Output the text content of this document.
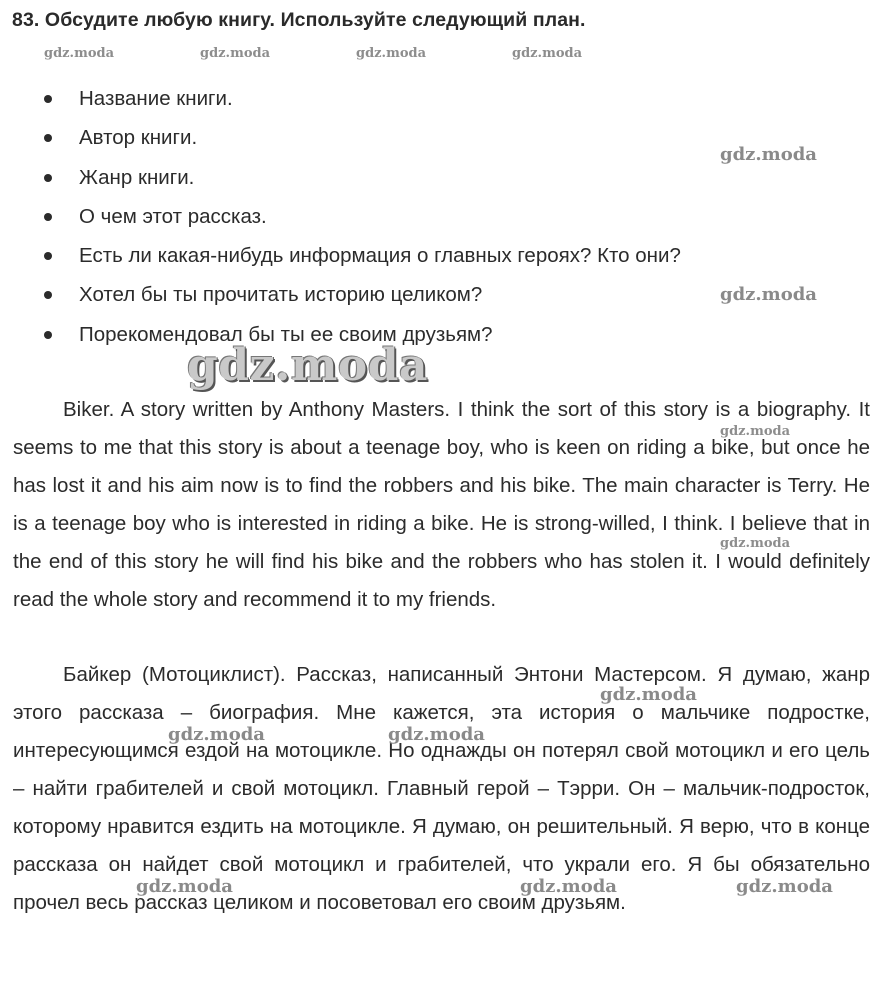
83. Обсудите любую книгу. Используйте следующий план.
Название книги.
Автор книги.
Жанр книги.
О чем этот рассказ.
Есть ли какая-нибудь информация о главных героях? Кто они?
Хотел бы ты прочитать историю целиком?
Порекомендовал бы ты ее своим друзьям?

Biker. A story written by Anthony Masters. I think the sort of this story is a biography. It seems to me that this story is about a teenage boy, who is keen on riding a bike, but once he has lost it and his aim now is to find the robbers and his bike. The main character is Terry. He is a teenage boy who is interested in riding a bike. He is strong-willed, I think. I believe that in the end of this story he will find his bike and the robbers who has stolen it. I would definitely read the whole story and recommend it to my friends.

Байкер (Мотоциклист). Рассказ, написанный Энтони Мастерсом. Я думаю, жанр этого рассказа – биография. Мне кажется, эта история о мальчике подростке, интересующимся ездой на мотоцикле. Но однажды он потерял свой мотоцикл и его цель – найти грабителей и свой мотоцикл. Главный герой – Тэрри. Он – мальчик-подросток, которому нравится ездить на мотоцикле. Я думаю, он решительный. Я верю, что в конце рассказа он найдет свой мотоцикл и грабителей, что украли его. Я бы обязательно прочел весь рассказ целиком и посоветовал его своим друзьям.

gdz.moda	gdz.moda	gdz.moda	gdz.moda
gdz.moda
gdz.moda
gdz.moda
gdz.moda
gdz.moda
gdz.moda
gdz.moda	gdz.moda
gdz.moda	gdz.moda	gdz.moda
